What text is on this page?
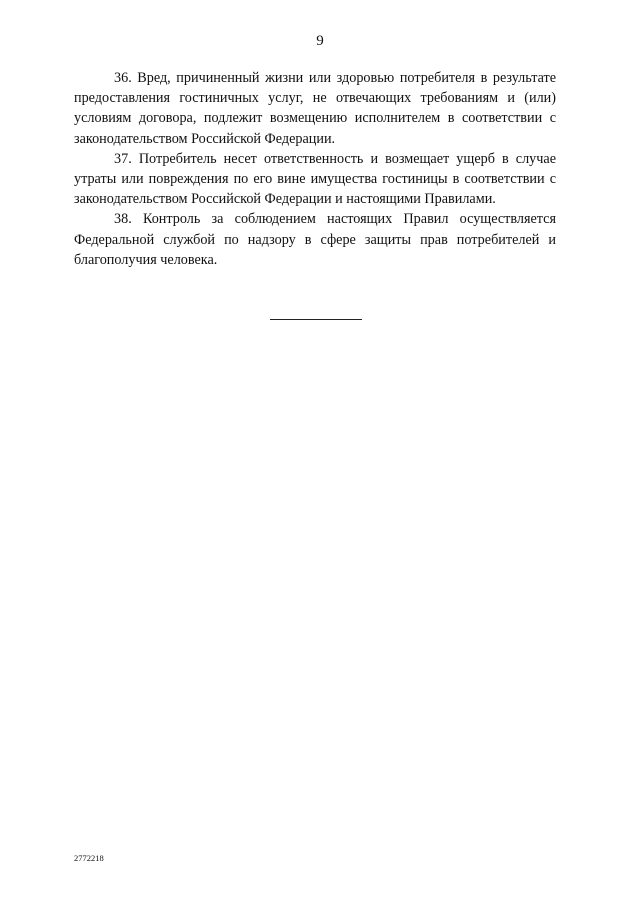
9

36. Вред, причиненный жизни или здоровью потребителя в результате предоставления гостиничных услуг, не отвечающих требованиям и (или) условиям договора, подлежит возмещению исполнителем в соответствии с законодательством Российской Федерации.

37. Потребитель несет ответственность и возмещает ущерб в случае утраты или повреждения по его вине имущества гостиницы в соответствии с законодательством Российской Федерации и настоящими Правилами.

38. Контроль за соблюдением настоящих Правил осуществляется Федеральной службой по надзору в сфере защиты прав потребителей и благополучия человека.

2772218
